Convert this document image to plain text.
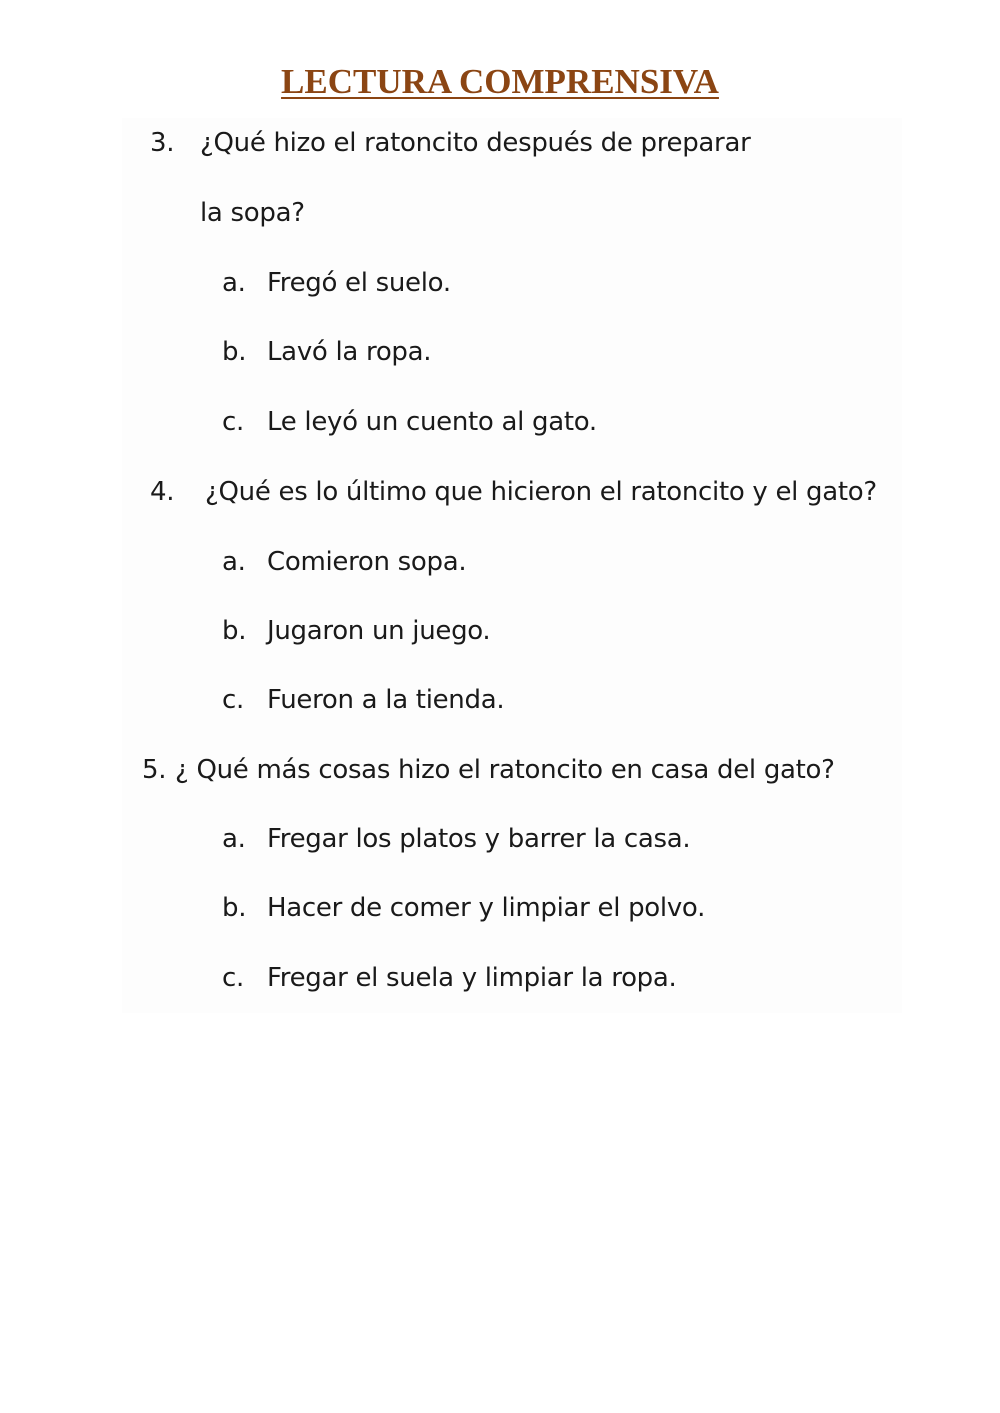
LECTURA COMPRENSIVA
3. ¿Qué hizo el ratoncito después de preparar
la sopa?
a. Fregó el suelo.
b. Lavó la ropa.
c. Le leyó un cuento al gato.
4. ¿Qué es lo último que hicieron el ratoncito y el gato?
a. Comieron sopa.
b. Jugaron un juego.
c. Fueron a la tienda.
5. ¿ Qué más cosas hizo el ratoncito en casa del gato?
a. Fregar los platos y barrer la casa.
b. Hacer de comer y limpiar el polvo.
c. Fregar el suela y limpiar la ropa.
